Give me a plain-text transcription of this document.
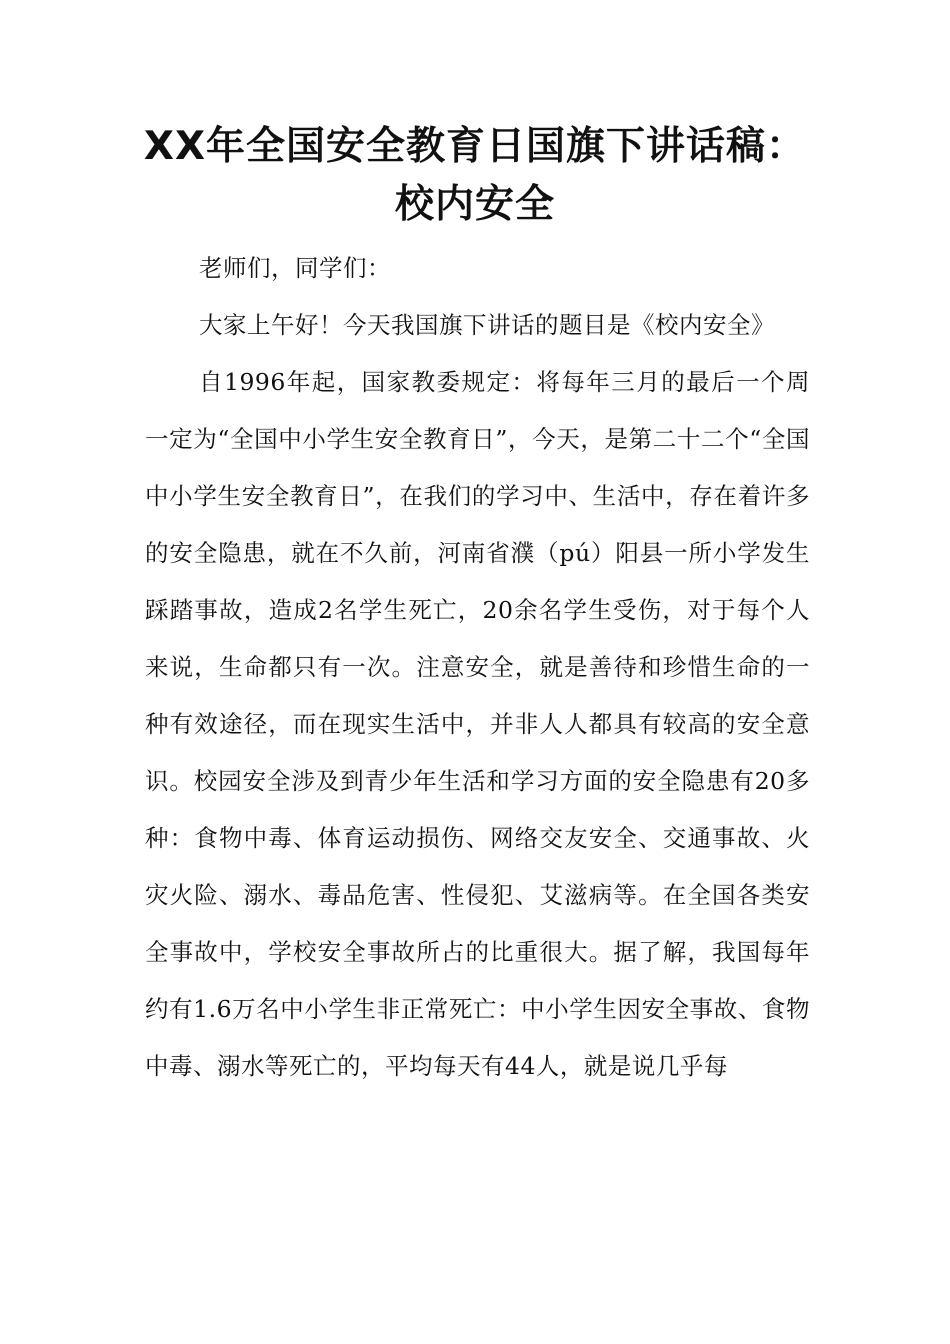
XX年全国安全教育日国旗下讲话稿：校内安全

老师们，同学们：

大家上午好！今天我国旗下讲话的题目是《校内安全》

自1996年起，国家教委规定：将每年三月的最后一个周一定为“全国中小学生安全教育日”，今天，是第二十二个“全国中小学生安全教育日”，在我们的学习中、生活中，存在着许多的安全隐患，就在不久前，河南省濮（pú）阳县一所小学发生踩踏事故，造成2名学生死亡，20余名学生受伤，对于每个人来说，生命都只有一次。注意安全，就是善待和珍惜生命的一种有效途径，而在现实生活中，并非人人都具有较高的安全意识。校园安全涉及到青少年生活和学习方面的安全隐患有20多种：食物中毒、体育运动损伤、网络交友安全、交通事故、火灾火险、溺水、毒品危害、性侵犯、艾滋病等。在全国各类安全事故中，学校安全事故所占的比重很大。据了解，我国每年约有1.6万名中小学生非正常死亡：中小学生因安全事故、食物中毒、溺水等死亡的，平均每天有44人，就是说几乎每
